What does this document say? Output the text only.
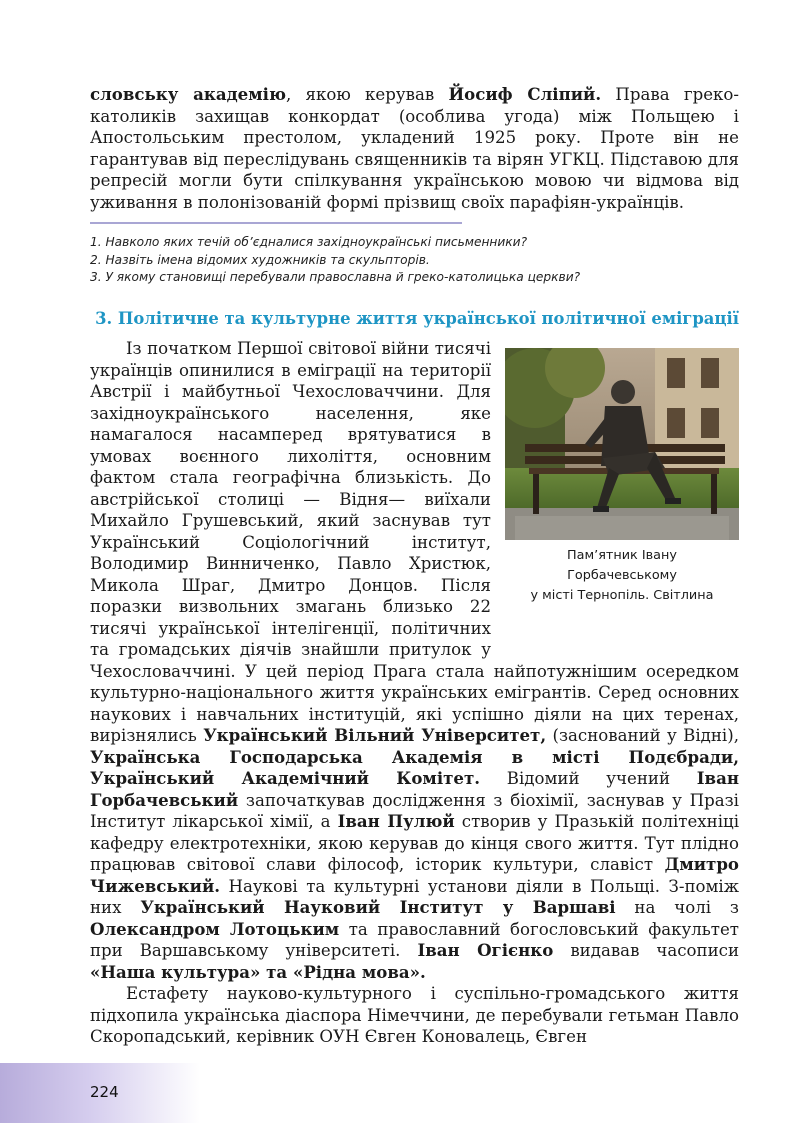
словську академію, якою керував Йосиф Сліпий. Права греко-католиків захищав конкордат (особлива угода) між Польщею і Апостольським престолом, укладений 1925 року. Проте він не гарантував від переслідувань священників та вірян УГКЦ. Підставою для репресій могли бути спілкування українською мовою чи відмова від уживання в полонізованій формі прізвищ своїх парафіян-українців.
1. Навколо яких течій об’єдналися західноукраїнські письменники?
2. Назвіть імена відомих художників та скульпторів.
3. У якому становищі перебували православна й греко-католицька церкви?
3. Політичне та культурне життя української політичної еміграції
Пам’ятник Івану
Горбачевському
у місті Тернопіль. Світлина
Із початком Першої світової війни тисячі українців опинилися в еміграції на території Австрії і майбутньої Чехословаччини. Для західноукраїнського населення, яке намагалося насамперед врятуватися в умовах воєнного лихоліття, основним фактом стала географічна близькість. До австрійської столиці — Відня— виїхали Михайло Грушевський, який заснував тут Український Соціологічний інститут, Володимир Винниченко, Павло Христюк, Микола Шраг, Дмитро Донцов. Після поразки визвольних змагань близько 22 тисячі української інтелігенції, політичних та громадських діячів знайшли притулок у Чехословаччині. У цей період Прага стала найпотужнішим осередком культурно-національного життя українських емігрантів. Серед основних наукових і навчальних інституцій, які успішно діяли на цих теренах, вирізнялись Український Вільний Університет, (заснований у Відні), Українська Господарська Академія в місті Подєбради, Український Академічний Комітет. Відомий учений Іван Горбачевський започаткував дослідження з біохімії, заснував у Празі Інститут лікарської хімії, а Іван Пулюй створив у Празькій політехніці кафедру електротехніки, якою керував до кінця свого життя. Тут плідно працював світової слави філософ, історик культури, славіст Дмитро Чижевський. Наукові та культурні установи діяли в Польщі. З-поміж них Український Науковий Інститут у Варшаві на чолі з Олександром Лотоцьким та православний богословський факультет при Варшавському університеті. Іван Огієнко видавав часописи «Наша культура» та «Рідна мова».
Естафету науково-культурного і суспільно-громадського життя підхопила українська діаспора Німеччини, де перебували гетьман Павло Скоропадський, керівник ОУН Євген Коновалець, Євген
224
